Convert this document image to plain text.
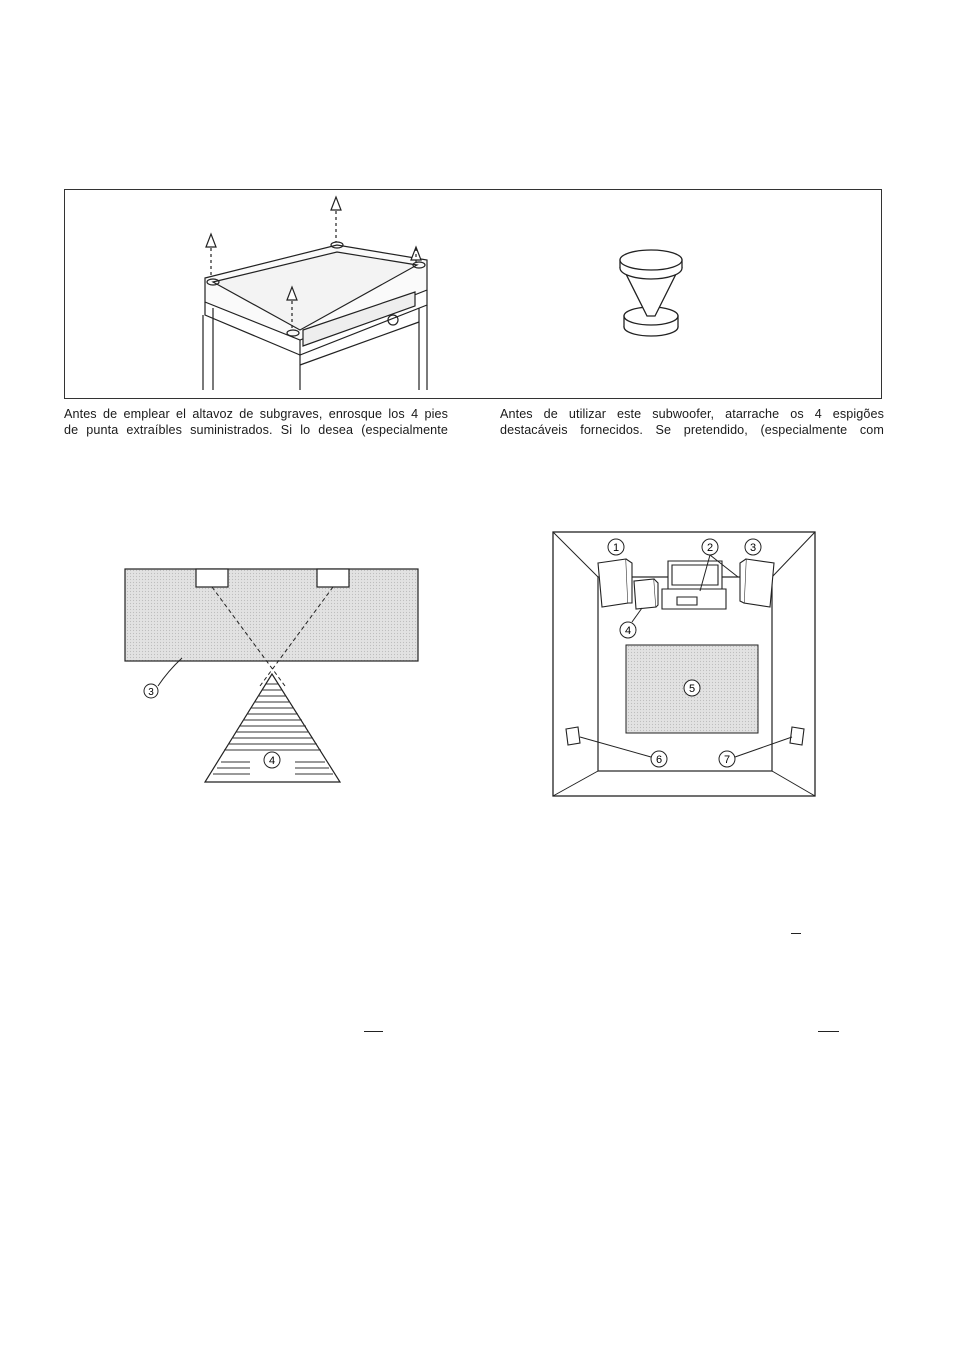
Antes de emplear el altavoz de subgraves, enrosque los 4 pies
de punta extraíbles suministrados. Si lo desea (especialmente
Antes de utilizar este subwoofer, atarrache os 4 espigões
destacáveis fornecidos. Se pretendido, (especialmente com
3
4
1	2	3
4
5
6	7
